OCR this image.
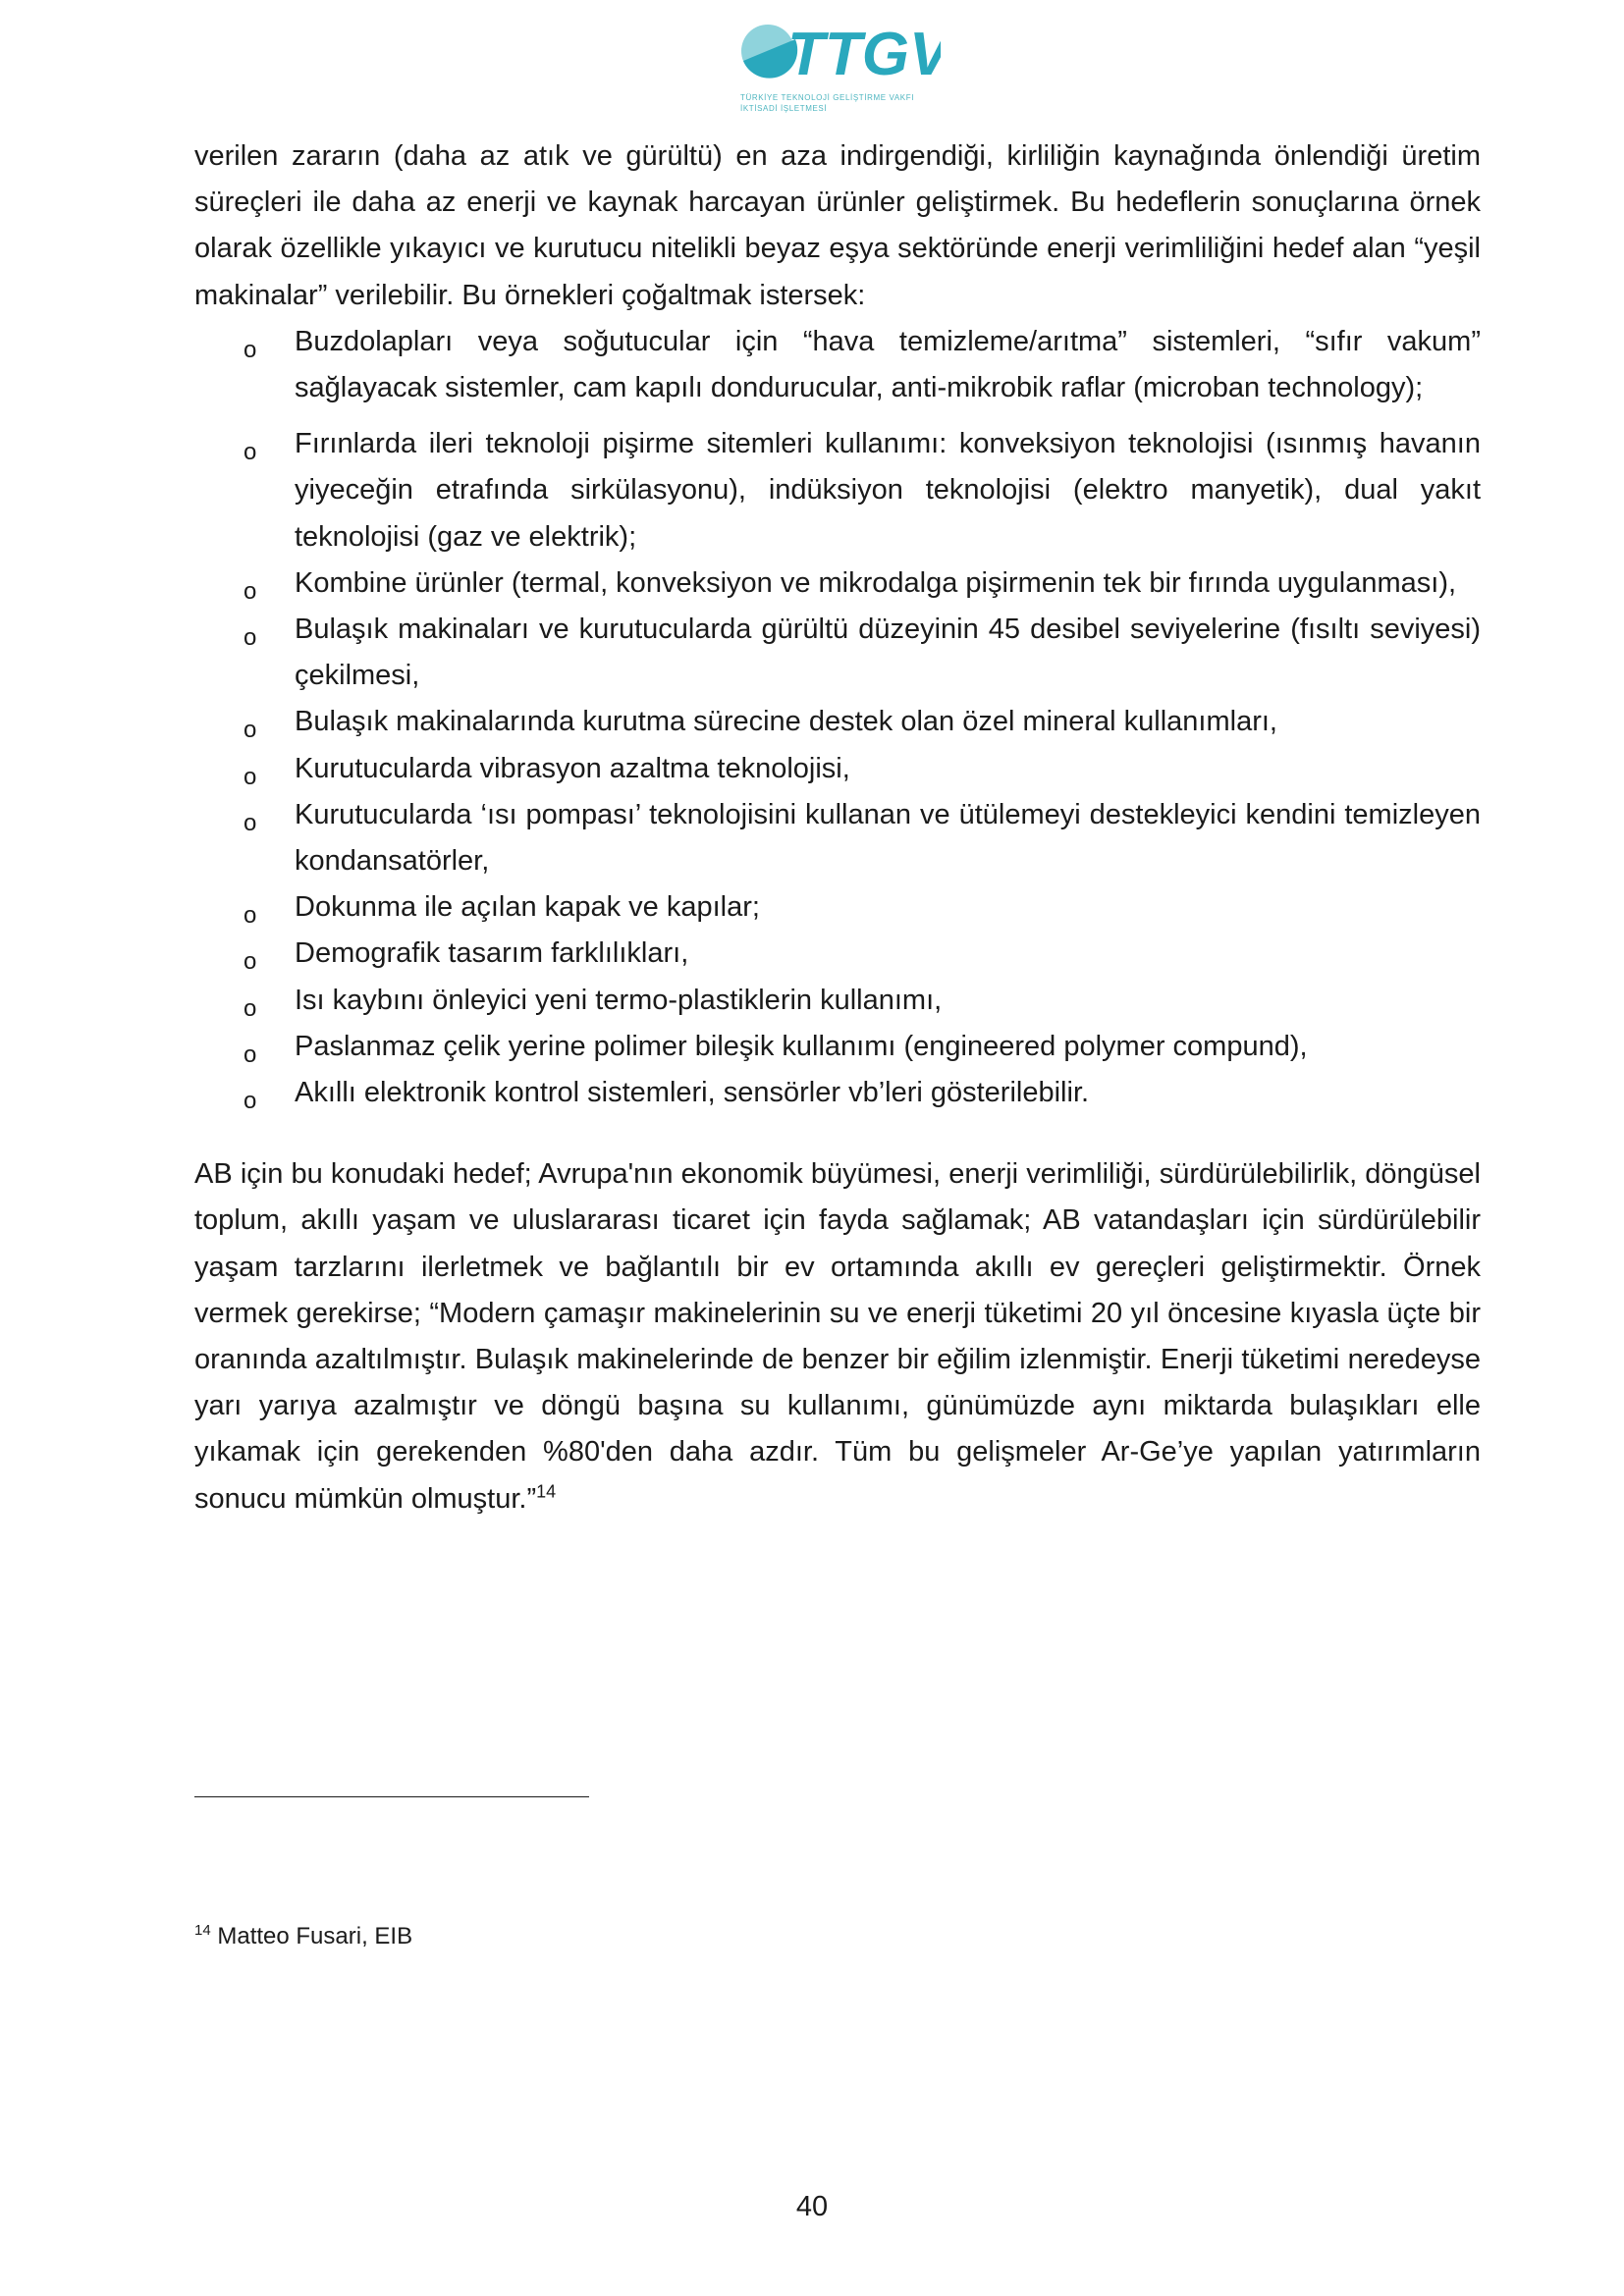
TTGV
TÜRKİYE TEKNOLOJİ GELİŞTİRME VAKFI
İKTİSADİ İŞLETMESİ

verilen zararın (daha az atık ve gürültü) en aza indirgendiği, kirliliğin kaynağında önlendiği üretim süreçleri ile daha az enerji ve kaynak harcayan ürünler geliştirmek. Bu hedeflerin sonuçlarına örnek olarak özellikle yıkayıcı ve kurutucu nitelikli beyaz eşya sektöründe enerji verimliliğini hedef alan “yeşil makinalar” verilebilir. Bu örnekleri çoğaltmak istersek:

o Buzdolapları veya soğutucular için “hava temizleme/arıtma” sistemleri, “sıfır vakum” sağlayacak sistemler, cam kapılı dondurucular, anti-mikrobik raflar (microban technology);
o Fırınlarda ileri teknoloji pişirme sitemleri kullanımı: konveksiyon teknolojisi (ısınmış havanın yiyeceğin etrafında sirkülasyonu), indüksiyon teknolojisi (elektro manyetik), dual yakıt teknolojisi (gaz ve elektrik);
o Kombine ürünler (termal, konveksiyon ve mikrodalga pişirmenin tek bir fırında uygulanması),
o Bulaşık makinaları ve kurutucularda gürültü düzeyinin 45 desibel seviyelerine (fısıltı seviyesi) çekilmesi,
o Bulaşık makinalarında kurutma sürecine destek olan özel mineral kullanımları,
o Kurutucularda vibrasyon azaltma teknolojisi,
o Kurutucularda ‘ısı pompası’ teknolojisini kullanan ve ütülemeyi destekleyici kendini temizleyen kondansatörler,
o Dokunma ile açılan kapak ve kapılar;
o Demografik tasarım farklılıkları,
o Isı kaybını önleyici yeni termo-plastiklerin kullanımı,
o Paslanmaz çelik yerine polimer bileşik kullanımı (engineered polymer compund),
o Akıllı elektronik kontrol sistemleri, sensörler vb’leri gösterilebilir.

AB için bu konudaki hedef; Avrupa'nın ekonomik büyümesi, enerji verimliliği, sürdürülebilirlik, döngüsel toplum, akıllı yaşam ve uluslararası ticaret için fayda sağlamak; AB vatandaşları için sürdürülebilir yaşam tarzlarını ilerletmek ve bağlantılı bir ev ortamında akıllı ev gereçleri geliştirmektir. Örnek vermek gerekirse; “Modern çamaşır makinelerinin su ve enerji tüketimi 20 yıl öncesine kıyasla üçte bir oranında azaltılmıştır. Bulaşık makinelerinde de benzer bir eğilim izlenmiştir. Enerji tüketimi neredeyse yarı yarıya azalmıştır ve döngü başına su kullanımı, günümüzde aynı miktarda bulaşıkları elle yıkamak için gerekenden %80'den daha azdır. Tüm bu gelişmeler Ar-Ge’ye yapılan yatırımların sonucu mümkün olmuştur.”$^{14}$

$^{14}$ Matteo Fusari, EIB
40
